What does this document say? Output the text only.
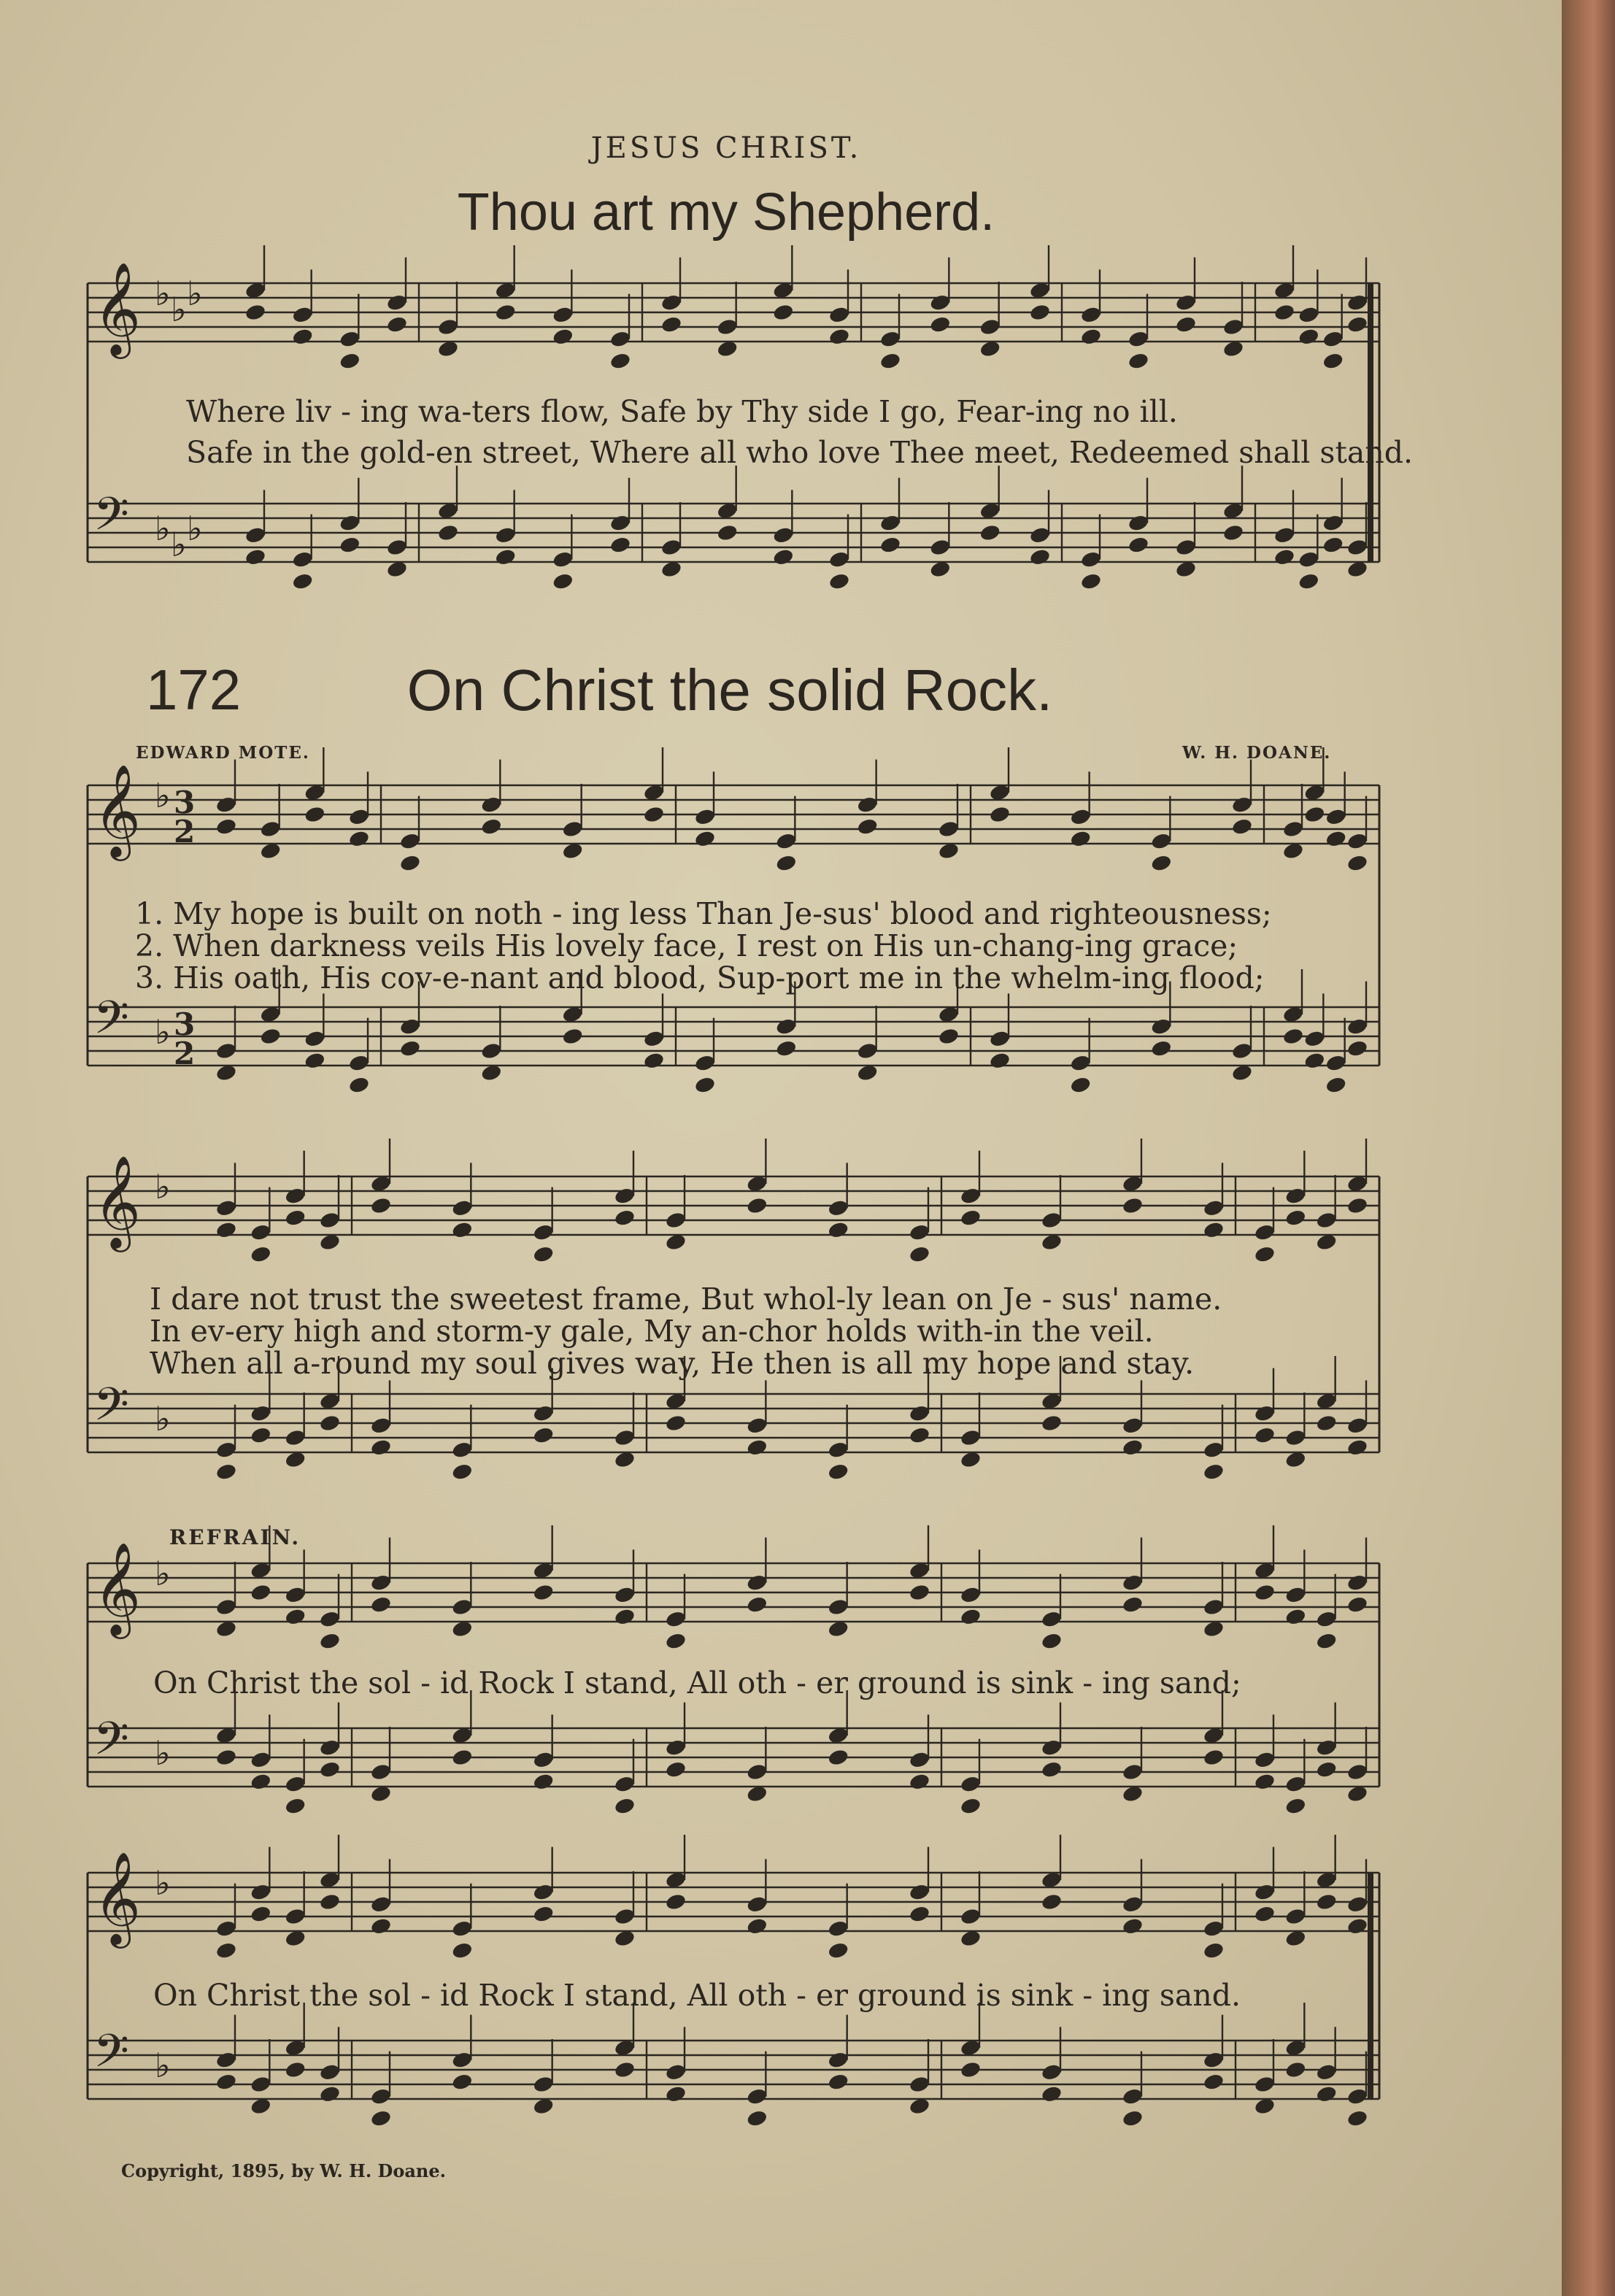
𝄞 ♭ ♭ ♭
𝄢 ♭ ♭ ♭
𝄞 ♭
𝄢 ♭
3
2
3
2
𝄞 ♭
𝄢 ♭
𝄞 ♭
𝄢 ♭
𝄞 ♭
𝄢 ♭

JESUS CHRIST.

Thou art my Shepherd.

Where liv - ing wa-ters flow, Safe by Thy side I go, Fear-ing no ill.

Safe in the gold-en street, Where all who love Thee meet, Redeemed shall stand.

172	On Christ the solid Rock.

EDWARD MOTE.	W. H. DOANE.

1. My hope is built on noth - ing less Than Je-sus' blood and righteousness;

2. When darkness veils His lovely face, I rest on His un-chang-ing grace;

3. His oath, His cov-e-nant and blood, Sup-port me in the whelm-ing flood;

I dare not trust the sweetest frame, But whol-ly lean on Je - sus' name.

In ev-ery high and storm-y gale, My an-chor holds with-in the veil.

When all a-round my soul gives way, He then is all my hope and stay.

REFRAIN.

On Christ the sol - id Rock I stand, All oth - er ground is sink - ing sand;

On Christ the sol - id Rock I stand, All oth - er ground is sink - ing sand.

Copyright, 1895, by W. H. Doane.
